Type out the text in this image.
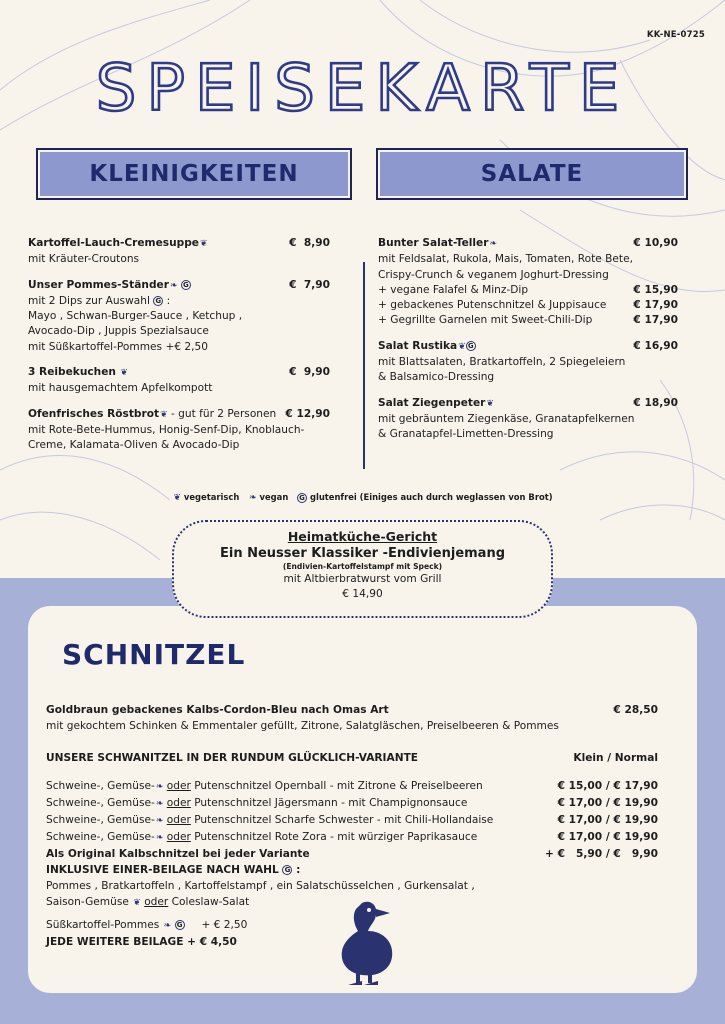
KK-NE-0725
SPEISEKARTE
KLEINIGKEITEN	SALATE
Kartoffel-Lauch-Cremesuppe❦	€  8,90
mit Kräuter-Croutons
Unser Pommes-Ständer❧ G	€  7,90
mit 2 Dips zur Auswahl G :
Mayo , Schwan-Burger-Sauce , Ketchup ,
Avocado-Dip , Juppis Spezialsauce
mit Süßkartoffel-Pommes +€ 2,50
3 Reibekuchen ❦	€  9,90
mit hausgemachtem Apfelkompott
Ofenfrisches Röstbrot❦ - gut für 2 Personen € 12,90
mit Rote-Bete-Hummus, Honig-Senf-Dip, Knoblauch-
Creme, Kalamata-Oliven & Avocado-Dip
Bunter Salat-Teller❧	€ 10,90
mit Feldsalat, Rukola, Mais, Tomaten, Rote Bete,
Crispy-Crunch & veganem Joghurt-Dressing
+ vegane Falafel & Minz-Dip	€ 15,90
+ gebackenes Putenschnitzel & Juppisauce	€ 17,90
+ Gegrillte Garnelen mit Sweet-Chili-Dip	€ 17,90
Salat Rustika❦ G	€ 16,90
mit Blattsalaten, Bratkartoffeln, 2 Spiegeleiern
& Balsamico-Dressing
Salat Ziegenpeter❦	€ 18,90
mit gebräuntem Ziegenkäse, Granatapfelkernen
& Granatapfel-Limetten-Dressing
❦ vegetarisch ❧ vegan G glutenfrei (Einiges auch durch weglassen von Brot)
Heimatküche-Gericht
Ein Neusser Klassiker -Endivienjemang
(Endivien-Kartoffelstampf mit Speck)
mit Altbierbratwurst vom Grill
€ 14,90
SCHNITZEL
Goldbraun gebackenes Kalbs-Cordon-Bleu nach Omas Art	€ 28,50
mit gekochtem Schinken & Emmentaler gefüllt, Zitrone, Salatgläschen, Preiselbeeren & Pommes
UNSERE SCHWANITZEL IN DER RUNDUM GLÜCKLICH-VARIANTE	Klein / Normal
Schweine-, Gemüse-❧ oder Putenschnitzel Opernball - mit Zitrone & Preiselbeeren	€ 15,00 / € 17,90
Schweine-, Gemüse-❧ oder Putenschnitzel Jägersmann - mit Champignonsauce	€ 17,00 / € 19,90
Schweine-, Gemüse-❧ oder Putenschnitzel Scharfe Schwester - mit Chili-Hollandaise	€ 17,00 / € 19,90
Schweine-, Gemüse-❧ oder Putenschnitzel Rote Zora - mit würziger Paprikasauce	€ 17,00 / € 19,90
Als Original Kalbschnitzel bei jeder Variante	+ €   5,90 / €   9,90
INKLUSIVE EINER-BEILAGE NACH WAHL G :
Pommes , Bratkartoffeln , Kartoffelstampf , ein Salatschüsselchen , Gurkensalat ,
Saison-Gemüse ❦ oder Coleslaw-Salat
Süßkartoffel-Pommes ❧ G + € 2,50
JEDE WEITERE BEILAGE + € 4,50
